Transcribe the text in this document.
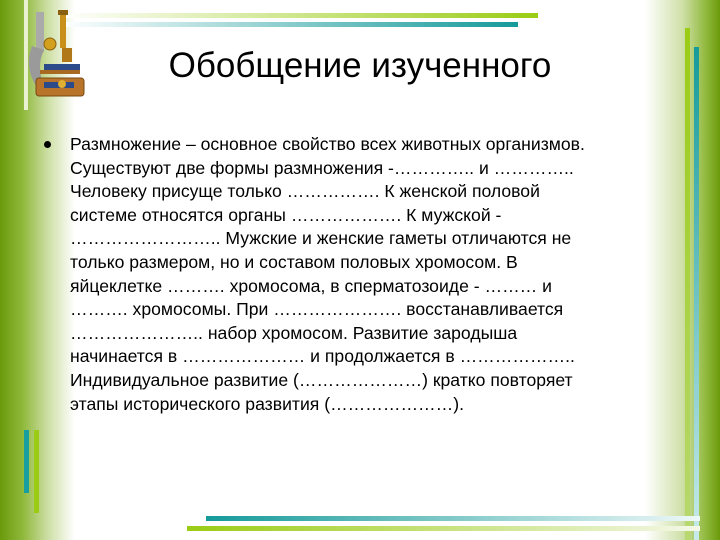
Обобщение изученного
Размножение – основное свойство всех животных организмов.
Существуют две формы размножения -………….. и …………..
Человеку присуще только ……………. К женской половой
системе относятся органы ………………. К мужской -
…………………….. Мужские и женские гаметы отличаются не
только размером, но и составом половых хромосом. В
яйцеклетке ………. хромосома, в сперматозоиде - ……… и
………. хромосомы. При …………………. восстанавливается
………………….. набор хромосом. Развитие зародыша
начинается в ………………… и продолжается в ………………..
Индивидуальное развитие (…………………) кратко повторяет
этапы исторического развития (…………………).
